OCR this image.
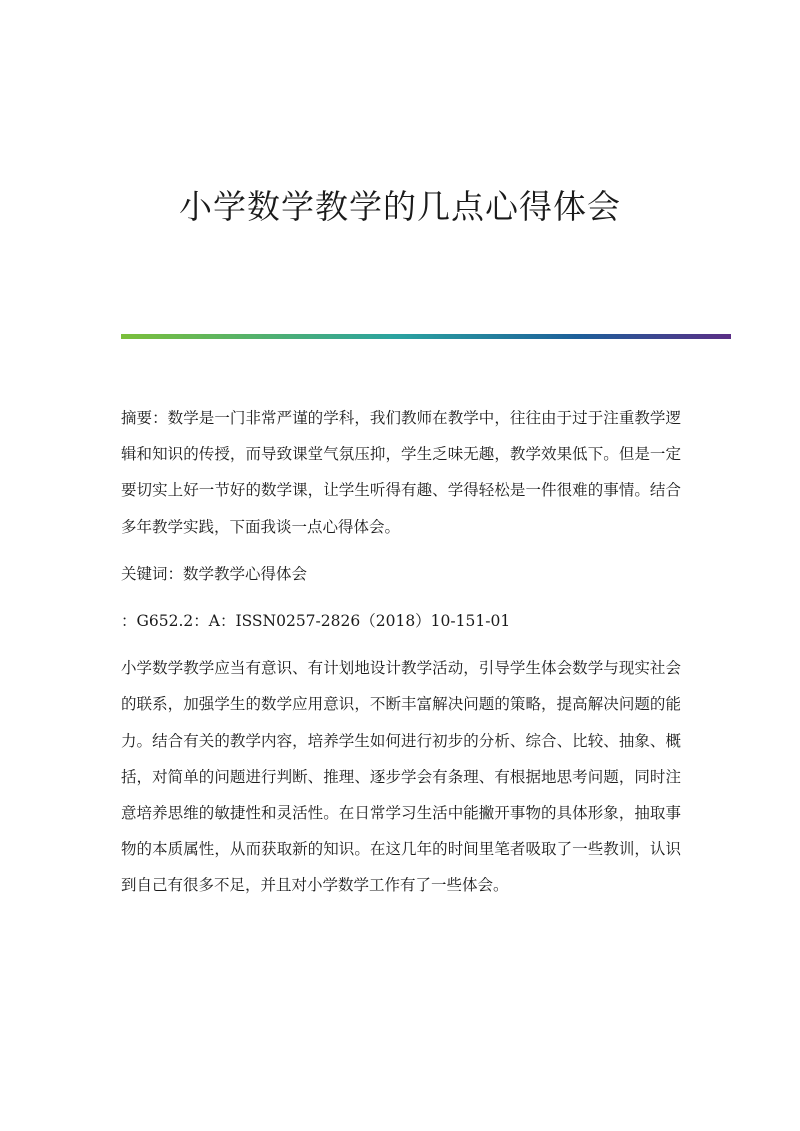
小学数学教学的几点心得体会

摘要：数学是一门非常严谨的学科，我们教师在教学中，往往由于过于注重教学逻辑和知识的传授，而导致课堂气氛压抑，学生乏味无趣，教学效果低下。但是一定要切实上好一节好的数学课，让学生听得有趣、学得轻松是一件很难的事情。结合多年教学实践，下面我谈一点心得体会。

关键词：数学教学心得体会

：G652.2：A：ISSN0257-2826（2018）10-151-01

小学数学教学应当有意识、有计划地设计教学活动，引导学生体会数学与现实社会的联系，加强学生的数学应用意识，不断丰富解决问题的策略，提高解决问题的能力。结合有关的教学内容，培养学生如何进行初步的分析、综合、比较、抽象、概括，对简单的问题进行判断、推理、逐步学会有条理、有根据地思考问题，同时注意培养思维的敏捷性和灵活性。在日常学习生活中能撇开事物的具体形象，抽取事物的本质属性，从而获取新的知识。在这几年的时间里笔者吸取了一些教训，认识到自己有很多不足，并且对小学数学工作有了一些体会。
